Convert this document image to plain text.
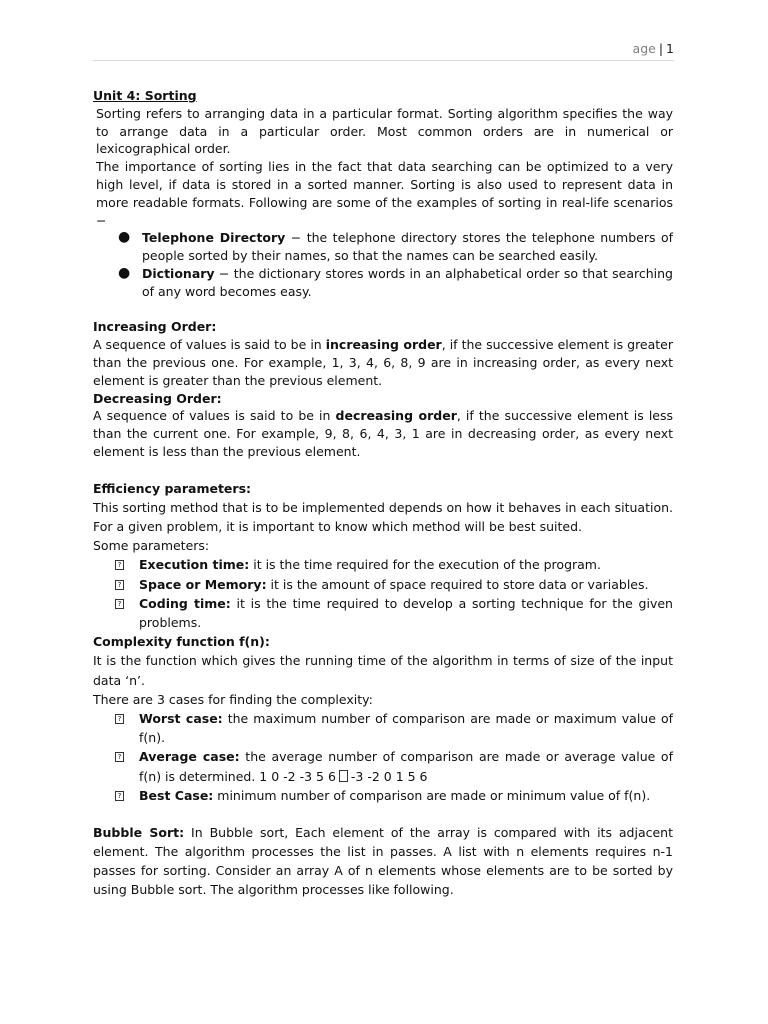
age | 1

Unit 4: Sorting

Sorting refers to arranging data in a particular format. Sorting algorithm specifies the way to arrange data in a particular order. Most common orders are in numerical or lexicographical order.

The importance of sorting lies in the fact that data searching can be optimized to a very high level, if data is stored in a sorted manner. Sorting is also used to represent data in more readable formats. Following are some of the examples of sorting in real-life scenarios −

● Telephone Directory − the telephone directory stores the telephone numbers of people sorted by their names, so that the names can be searched easily.
● Dictionary − the dictionary stores words in an alphabetical order so that searching of any word becomes easy.

Increasing Order:

A sequence of values is said to be in increasing order, if the successive element is greater than the previous one. For example, 1, 3, 4, 6, 8, 9 are in increasing order, as every next element is greater than the previous element.

Decreasing Order:

A sequence of values is said to be in decreasing order, if the successive element is less than the current one. For example, 9, 8, 6, 4, 3, 1 are in decreasing order, as every next element is less than the previous element.

Efficiency parameters:

This sorting method that is to be implemented depends on how it behaves in each situation. For a given problem, it is important to know which method will be best suited.

Some parameters:

? Execution time: it is the time required for the execution of the program.
? Space or Memory: it is the amount of space required to store data or variables.
? Coding time: it is the time required to develop a sorting technique for the given problems.

Complexity function f(n):

It is the function which gives the running time of the algorithm in terms of size of the input data ‘n’.

There are 3 cases for finding the complexity:

? Worst case: the maximum number of comparison are made or maximum value of f(n).
? Average case: the average number of comparison are made or average value of f(n) is determined. 1 0 -2 -3 5 6 -3 -2 0 1 5 6
? Best Case: minimum number of comparison are made or minimum value of f(n).

Bubble Sort: In Bubble sort, Each element of the array is compared with its adjacent element. The algorithm processes the list in passes. A list with n elements requires n-1 passes for sorting. Consider an array A of n elements whose elements are to be sorted by using Bubble sort. The algorithm processes like following.
